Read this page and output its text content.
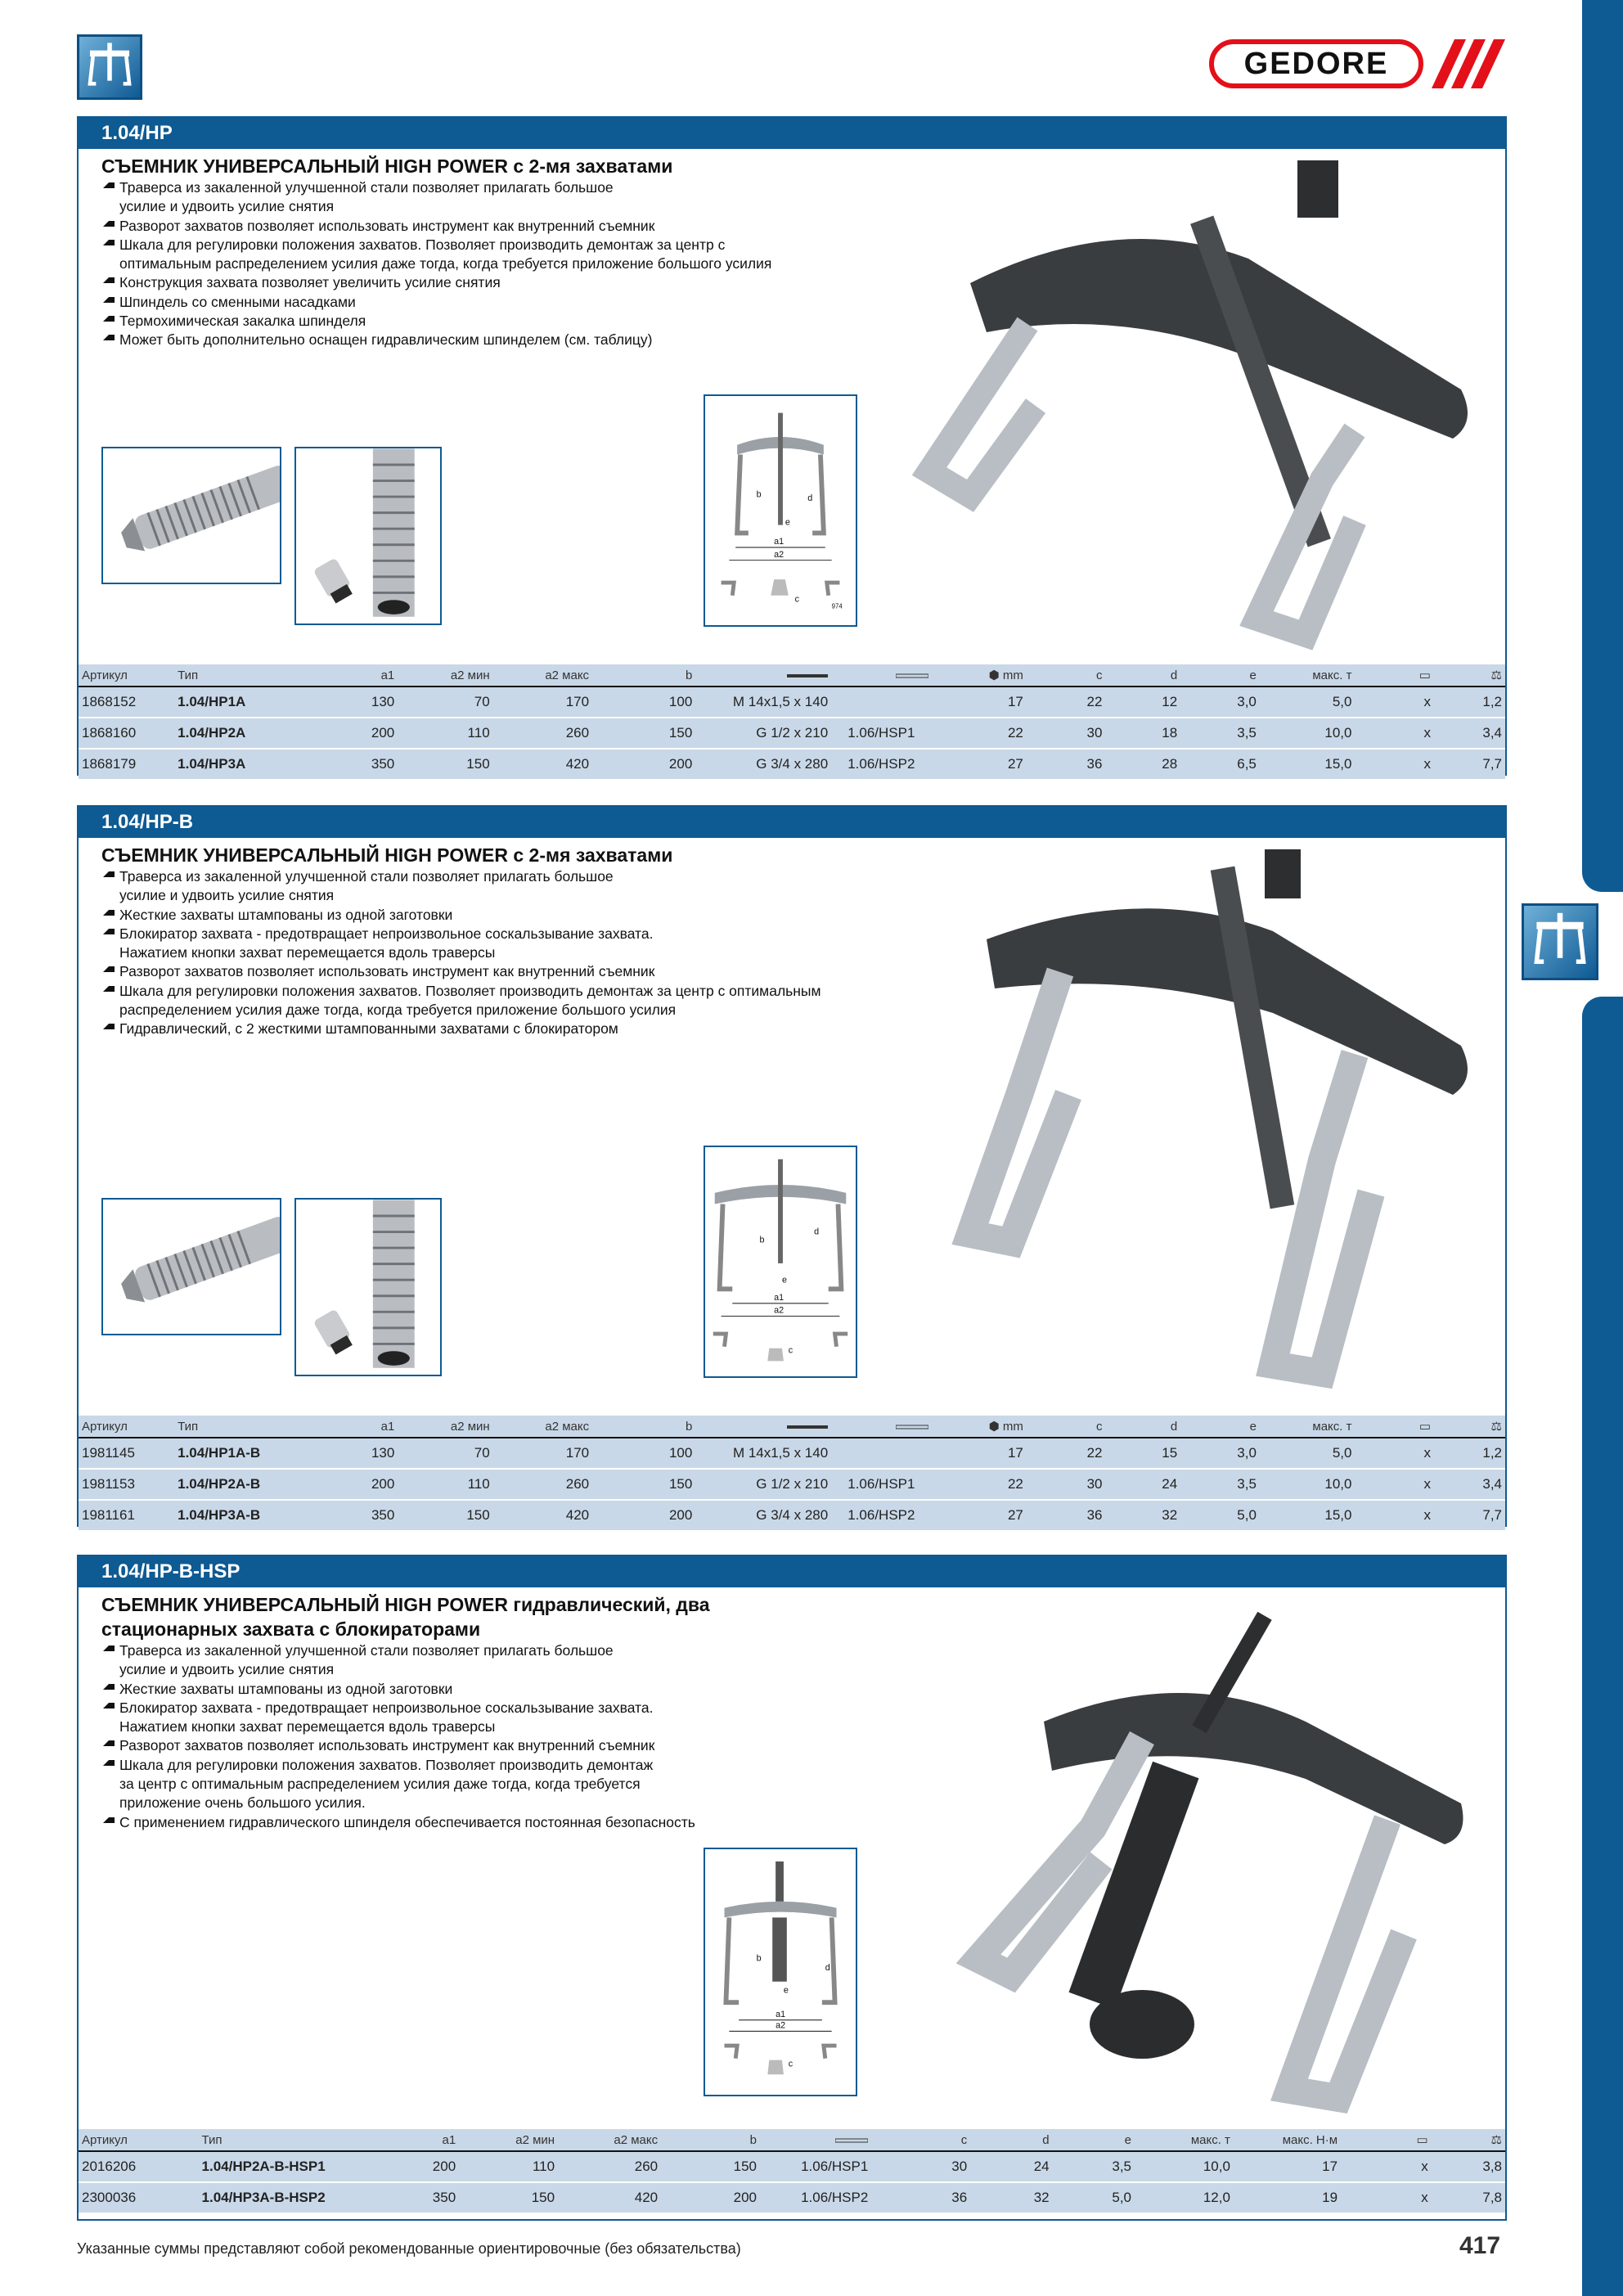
GEDORE
1.04/HP
СЪЕМНИК УНИВЕРСАЛЬНЫЙ HIGH POWER с 2-мя захватами
Траверса из закаленной улучшенной стали позволяет прилагать большое
усилие и удвоить усилие снятия
Разворот захватов позволяет использовать инструмент как внутренний съемник
Шкала для регулировки положения захватов. Позволяет производить демонтаж за центр с
оптимальным распределением усилия даже тогда, когда требуется приложение большого усилия
Конструкция захвата позволяет увеличить усилие снятия
Шпиндель со сменными насадками
Термохимическая закалка шпинделя
Может быть дополнительно оснащен гидравлическим шпинделем (см. таблицу)
b	d
e
a1
a2
c
974
Артикул	Тип	a1	a2 мин	a2 макс	b			⬢ mm	c	d	e	макс. т	▭	⚖
1868152	1.04/HP1A	130	70	170	100	M 14x1,5 x 140		17	22	12	3,0	5,0	x	1,2
1868160	1.04/HP2A	200	110	260	150	G 1/2 x 210	1.06/HSP1	22	30	18	3,5	10,0	x	3,4
1868179	1.04/HP3A	350	150	420	200	G 3/4 x 280	1.06/HSP2	27	36	28	6,5	15,0	x	7,7
1.04/HP-B
СЪЕМНИК УНИВЕРСАЛЬНЫЙ HIGH POWER с 2-мя захватами
Траверса из закаленной улучшенной стали позволяет прилагать большое
усилие и удвоить усилие снятия
Жесткие захваты штампованы из одной заготовки
Блокиратор захвата - предотвращает непроизвольное соскальзывание захвата.
Нажатием кнопки захват перемещается вдоль траверсы
Разворот захватов позволяет использовать инструмент как внутренний съемник
Шкала для регулировки положения захватов. Позволяет производить демонтаж за центр с оптимальным
распределением усилия даже тогда, когда требуется приложение большого усилия
Гидравлический, с 2 жесткими штампованными захватами с блокиратором
b
d
e
a1
a2
c
Артикул	Тип	a1	a2 мин	a2 макс	b			⬢ mm	c	d	e	макс. т	▭	⚖
1981145	1.04/HP1A-B	130	70	170	100	M 14x1,5 x 140		17	22	15	3,0	5,0	x	1,2
1981153	1.04/HP2A-B	200	110	260	150	G 1/2 x 210	1.06/HSP1	22	30	24	3,5	10,0	x	3,4
1981161	1.04/HP3A-B	350	150	420	200	G 3/4 x 280	1.06/HSP2	27	36	32	5,0	15,0	x	7,7
1.04/HP-B-HSP
СЪЕМНИК УНИВЕРСАЛЬНЫЙ HIGH POWER гидравлический, два
стационарных захвата с блокираторами
Траверса из закаленной улучшенной стали позволяет прилагать большое
усилие и удвоить усилие снятия
Жесткие захваты штампованы из одной заготовки
Блокиратор захвата - предотвращает непроизвольное соскальзывание захвата.
Нажатием кнопки захват перемещается вдоль траверсы
Разворот захватов позволяет использовать инструмент как внутренний съемник
Шкала для регулировки положения захватов. Позволяет производить демонтаж
за центр с оптимальным распределением усилия даже тогда, когда требуется
приложение очень большого усилия.
С применением гидравлического шпинделя обеспечивается постоянная безопасность
b
d
e
a1
a2
c
Артикул	Тип	a1	a2 мин	a2 макс	b		c	d	e	макс. т	макс. Н·м	▭	⚖
2016206	1.04/HP2A-B-HSP1	200	110	260	150	1.06/HSP1	30	24	3,5	10,0	17	x	3,8
2300036	1.04/HP3A-B-HSP2	350	150	420	200	1.06/HSP2	36	32	5,0	12,0	19	x	7,8
Указанные суммы представляют собой рекомендованные ориентировочные (без обязательства)	417
